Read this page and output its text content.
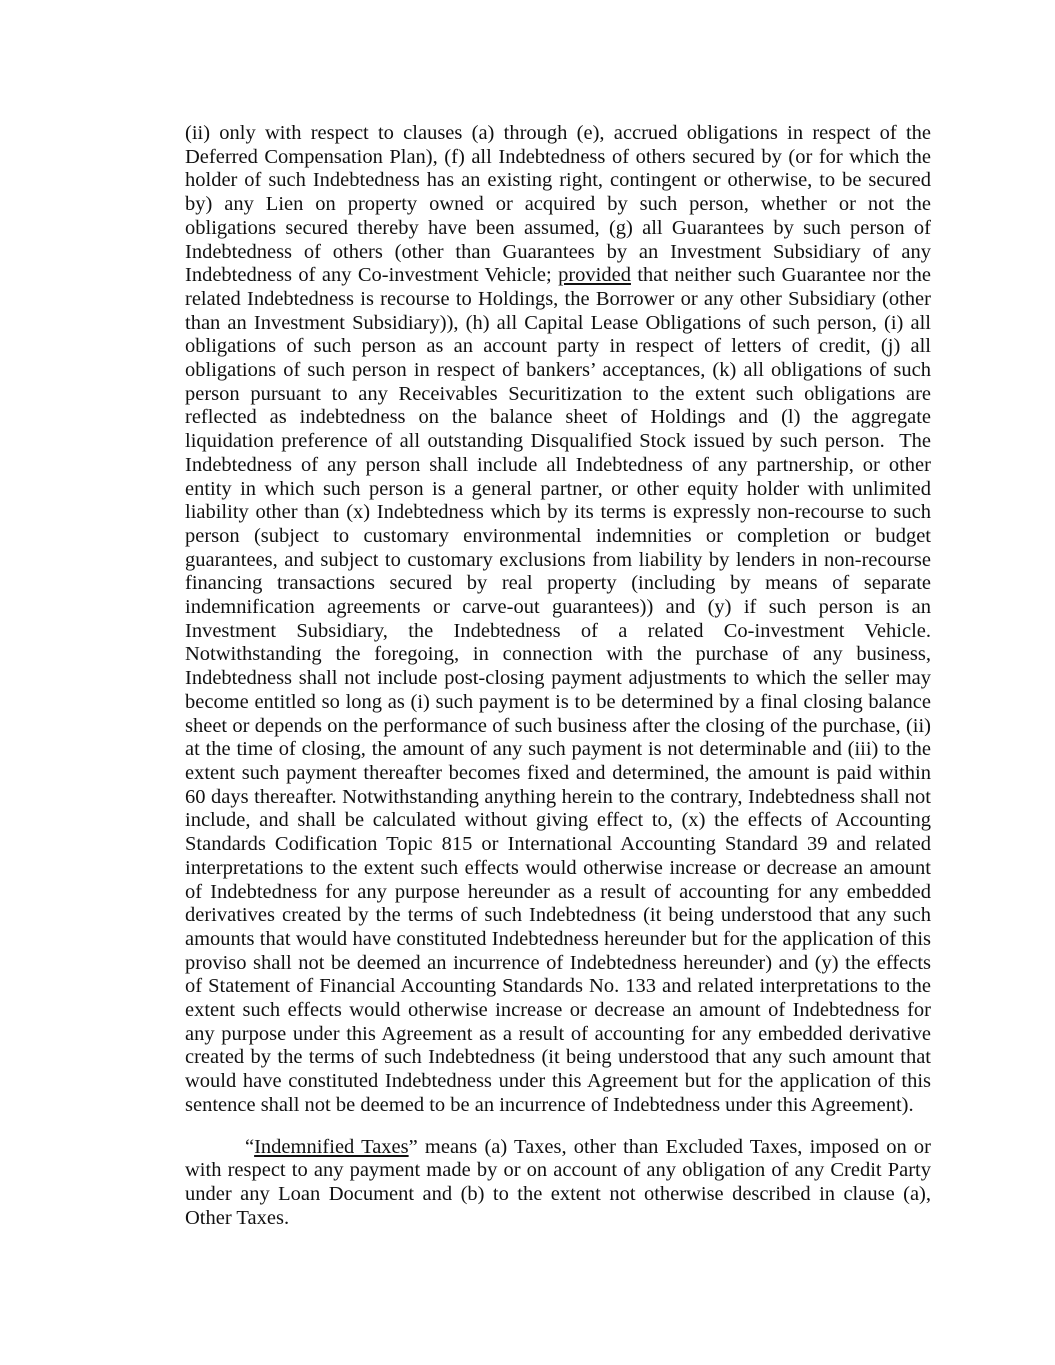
(ii) only with respect to clauses (a) through (e), accrued obligations in respect of the Deferred Compensation Plan), (f) all Indebtedness of others secured by (or for which the holder of such Indebtedness has an existing right, contingent or otherwise, to be secured by) any Lien on property owned or acquired by such person, whether or not the obligations secured thereby have been assumed, (g) all Guarantees by such person of Indebtedness of others (other than Guarantees by an Investment Subsidiary of any Indebtedness of any Co-investment Vehicle; provided that neither such Guarantee nor the related Indebtedness is recourse to Holdings, the Borrower or any other Subsidiary (other than an Investment Subsidiary)), (h) all Capital Lease Obligations of such person, (i) all obligations of such person as an account party in respect of letters of credit, (j) all obligations of such person in respect of bankers’ acceptances, (k) all obligations of such person pursuant to any Receivables Securitization to the extent such obligations are reflected as indebtedness on the balance sheet of Holdings and (l) the aggregate liquidation preference of all outstanding Disqualified Stock issued by such person.  The Indebtedness of any person shall include all Indebtedness of any partnership, or other entity in which such person is a general partner, or other equity holder with unlimited liability other than (x) Indebtedness which by its terms is expressly non-recourse to such person (subject to customary environmental indemnities or completion or budget guarantees, and subject to customary exclusions from liability by lenders in non-recourse financing transactions secured by real property (including by means of separate indemnification agreements or carve-out guarantees)) and (y) if such person is an Investment Subsidiary, the Indebtedness of a related Co-investment Vehicle.  Notwithstanding the foregoing, in connection with the purchase of any business, Indebtedness shall not include post-closing payment adjustments to which the seller may become entitled so long as (i) such payment is to be determined by a final closing balance sheet or depends on the performance of such business after the closing of the purchase, (ii) at the time of closing, the amount of any such payment is not determinable and (iii) to the extent such payment thereafter becomes fixed and determined, the amount is paid within 60 days thereafter. Notwithstanding anything herein to the contrary, Indebtedness shall not include, and shall be calculated without giving effect to, (x) the effects of Accounting Standards Codification Topic 815 or International Accounting Standard 39 and related interpretations to the extent such effects would otherwise increase or decrease an amount of Indebtedness for any purpose hereunder as a result of accounting for any embedded derivatives created by the terms of such Indebtedness (it being understood that any such amounts that would have constituted Indebtedness hereunder but for the application of this proviso shall not be deemed an incurrence of Indebtedness hereunder) and (y) the effects of Statement of Financial Accounting Standards No. 133 and related interpretations to the extent such effects would otherwise increase or decrease an amount of Indebtedness for any purpose under this Agreement as a result of accounting for any embedded derivative created by the terms of such Indebtedness (it being understood that any such amount that would have constituted Indebtedness under this Agreement but for the application of this sentence shall not be deemed to be an incurrence of Indebtedness under this Agreement).

“Indemnified Taxes” means (a) Taxes, other than Excluded Taxes, imposed on or with respect to any payment made by or on account of any obligation of any Credit Party under any Loan Document and (b) to the extent not otherwise described in clause (a), Other Taxes.
